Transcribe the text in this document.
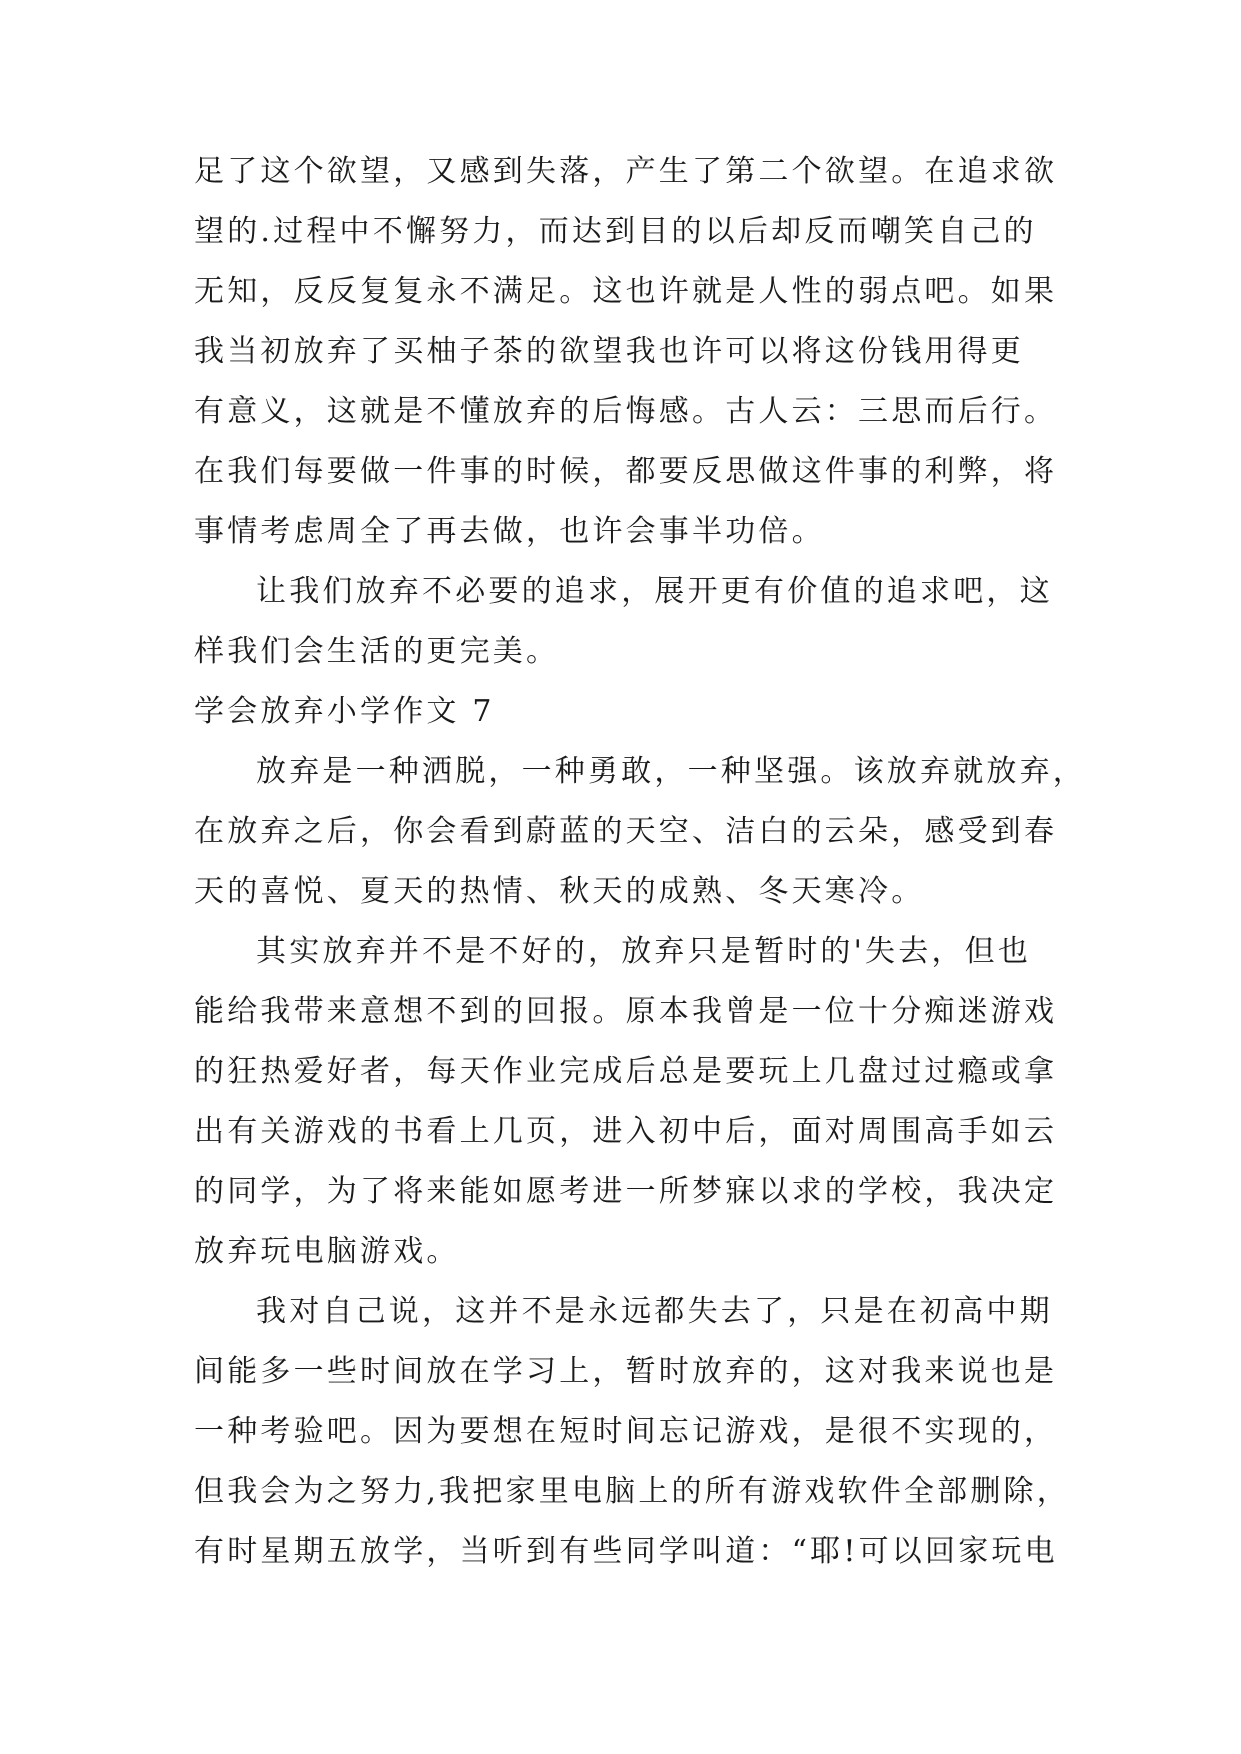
足了这个欲望，又感到失落，产生了第二个欲望。在追求欲
望的.过程中不懈努力，而达到目的以后却反而嘲笑自己的
无知，反反复复永不满足。这也许就是人性的弱点吧。如果
我当初放弃了买柚子茶的欲望我也许可以将这份钱用得更
有意义，这就是不懂放弃的后悔感。古人云：三思而后行。
在我们每要做一件事的时候，都要反思做这件事的利弊，将
事情考虑周全了再去做，也许会事半功倍。
让我们放弃不必要的追求，展开更有价值的追求吧，这
样我们会生活的更完美。
学会放弃小学作文 7
放弃是一种洒脱，一种勇敢，一种坚强。该放弃就放弃，
在放弃之后，你会看到蔚蓝的天空、洁白的云朵，感受到春
天的喜悦、夏天的热情、秋天的成熟、冬天寒冷。
其实放弃并不是不好的，放弃只是暂时的'失去，但也
能给我带来意想不到的回报。原本我曾是一位十分痴迷游戏
的狂热爱好者，每天作业完成后总是要玩上几盘过过瘾或拿
出有关游戏的书看上几页，进入初中后，面对周围高手如云
的同学，为了将来能如愿考进一所梦寐以求的学校，我决定
放弃玩电脑游戏。
我对自己说，这并不是永远都失去了，只是在初高中期
间能多一些时间放在学习上，暂时放弃的，这对我来说也是
一种考验吧。因为要想在短时间忘记游戏，是很不实现的，
但我会为之努力,我把家里电脑上的所有游戏软件全部删除，
有时星期五放学，当听到有些同学叫道：“耶!可以回家玩电
